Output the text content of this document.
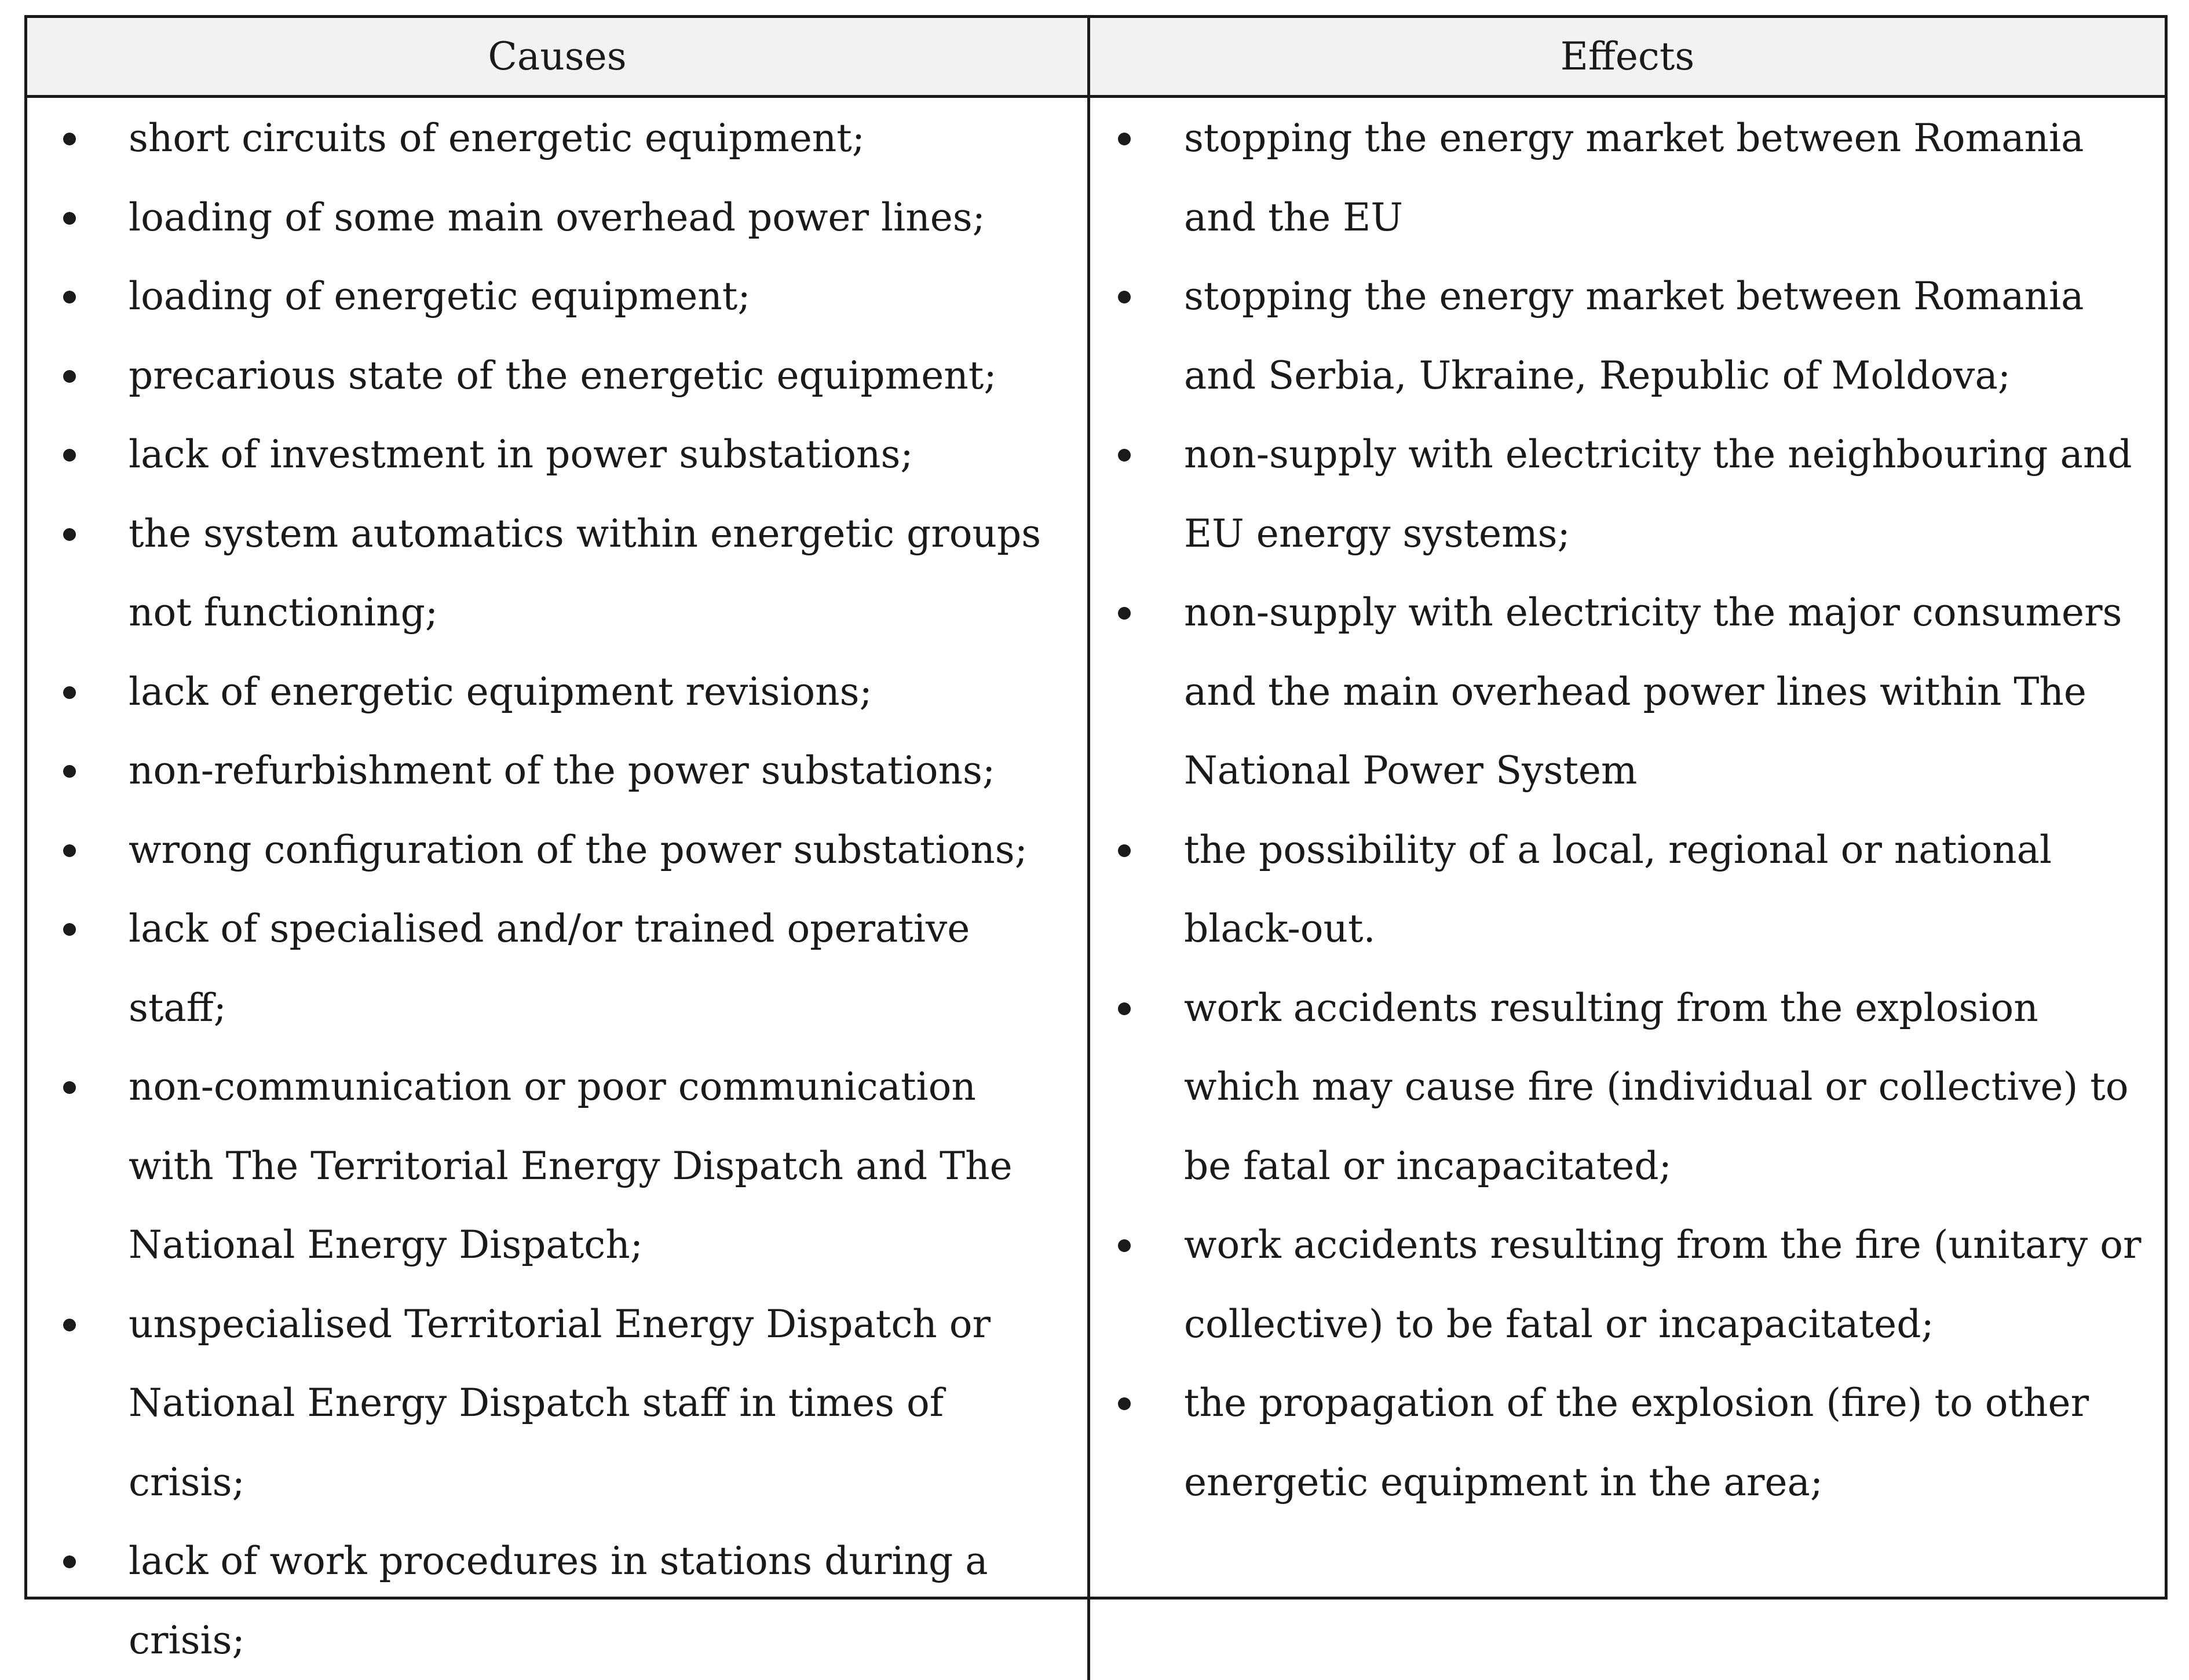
Causes	Effects
short circuits of energetic equipment;
loading of some main overhead power lines;
loading of energetic equipment;
precarious state of the energetic equipment;
lack of investment in power substations;
the system automatics within energetic groups not functioning;
lack of energetic equipment revisions;
non-refurbishment of the power substations;
wrong configuration of the power substations;
lack of specialised and/or trained operative staff;
non-communication or poor communication with The Territorial Energy Dispatch and The National Energy Dispatch;
unspecialised Territorial Energy Dispatch or National Energy Dispatch staff in times of crisis;
lack of work procedures in stations during a crisis;
stopping the energy market between Romania and the EU
stopping the energy market between Romania and Serbia, Ukraine, Republic of Moldova;
non-supply with electricity the neighbouring and EU energy systems;
non-supply with electricity the major consumers and the main overhead power lines within The National Power System
the possibility of a local, regional or national black-out.
work accidents resulting from the explosion which may cause fire (individual or collective) to be fatal or incapacitated;
work accidents resulting from the fire (unitary or collective) to be fatal or incapacitated;
the propagation of the explosion (fire) to other energetic equipment in the area;
